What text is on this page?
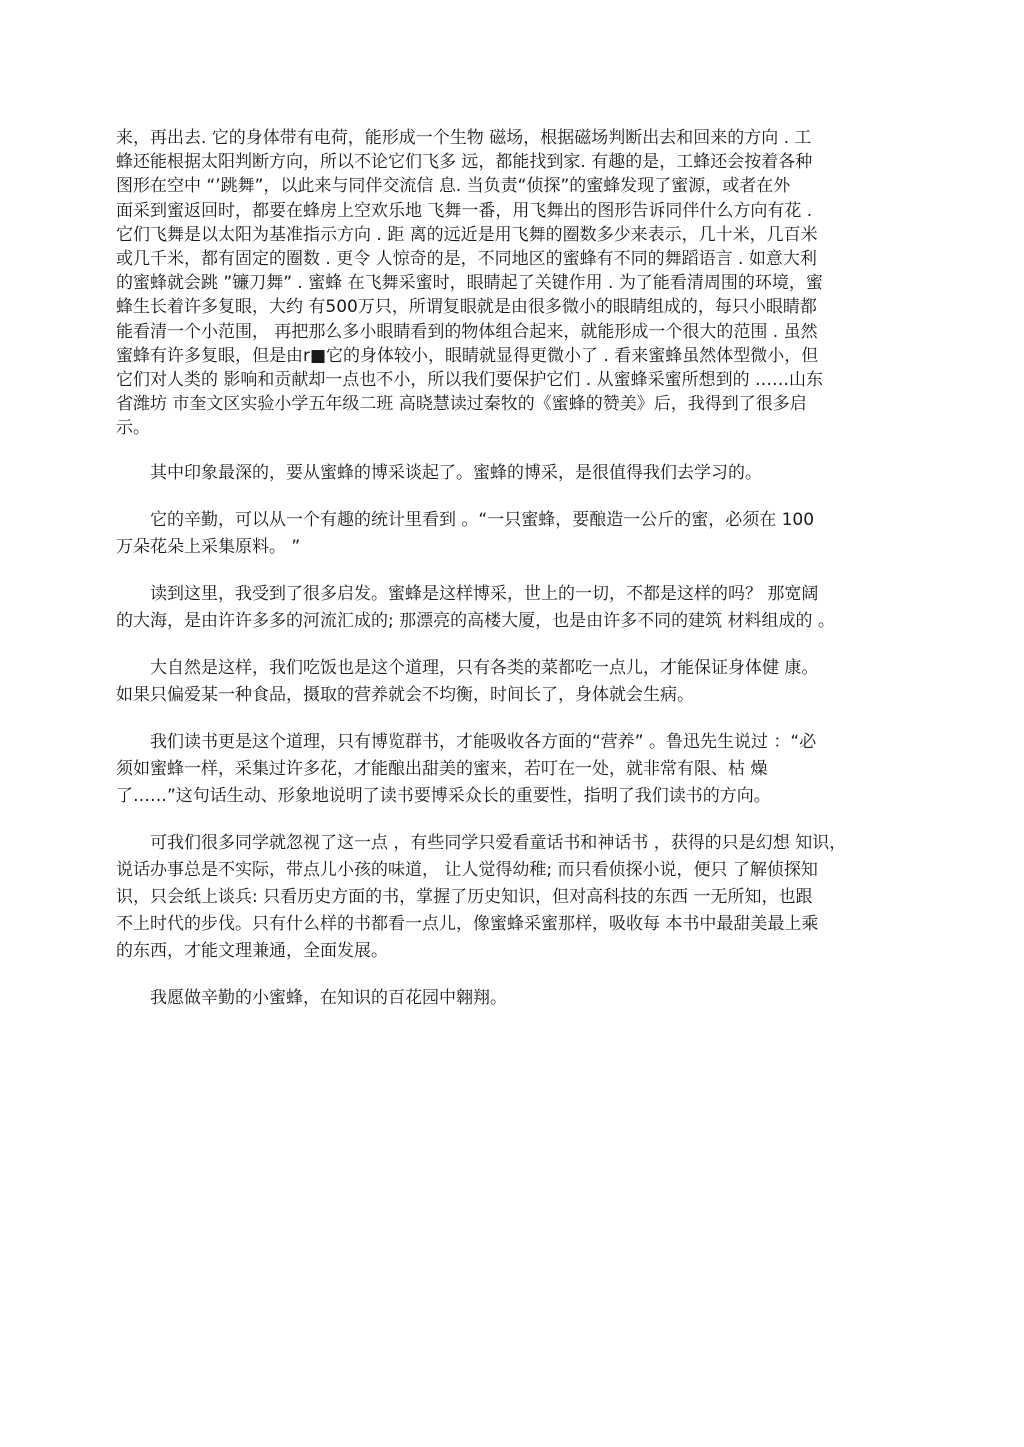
来，再出去. 它的身体带有电荷，能形成一个生物 磁场，根据磁场判断出去和回来的方向 . 工
蜂还能根据太阳判断方向，所以不论它们飞多 远，都能找到家. 有趣的是，工蜂还会按着各种
图形在空中 “’跳舞”，以此来与同伴交流信 息. 当负责“侦探”的蜜蜂发现了蜜源，或者在外
面采到蜜返回时，都要在蜂房上空欢乐地 飞舞一番，用飞舞出的图形告诉同伴什么方向有花 .
它们飞舞是以太阳为基准指示方向 . 距 离的远近是用飞舞的圈数多少来表示，几十米，几百米
或几千米，都有固定的圈数 . 更令 人惊奇的是，不同地区的蜜蜂有不同的舞蹈语言 . 如意大利
的蜜蜂就会跳 ”镰刀舞” . 蜜蜂 在飞舞采蜜时，眼睛起了关键作用 . 为了能看清周围的环境，蜜
蜂生长着许多复眼，大约 有500万只，所谓复眼就是由很多微小的眼睛组成的，每只小眼睛都
能看清一个小范围， 再把那么多小眼睛看到的物体组合起来，就能形成一个很大的范围 . 虽然
蜜蜂有许多复眼，但是由r■它的身体较小，眼睛就显得更微小了 . 看来蜜蜂虽然体型微小，但
它们对人类的 影响和贡献却一点也不小，所以我们要保护它们 . 从蜜蜂采蜜所想到的 ……山东
省潍坊 市奎文区实验小学五年级二班 高晓慧读过秦牧的《蜜蜂的赞美》后，我得到了很多启
示。
其中印象最深的，要从蜜蜂的博采谈起了。蜜蜂的博采，是很值得我们去学习的。
它的辛勤，可以从一个有趣的统计里看到 。“一只蜜蜂，要酿造一公斤的蜜，必须在 100
万朵花朵上采集原料。 ”
读到这里，我受到了很多启发。蜜蜂是这样博采，世上的一切，不都是这样的吗？ 那宽阔
的大海，是由许许多多的河流汇成的; 那漂亮的高楼大厦，也是由许多不同的建筑 材料组成的 。
大自然是这样，我们吃饭也是这个道理，只有各类的菜都吃一点儿，才能保证身体健 康。
如果只偏爱某一种食品，摄取的营养就会不均衡，时间长了，身体就会生病。
我们读书更是这个道理，只有博览群书，才能吸收各方面的“营养” 。鲁迅先生说过 ：“必
须如蜜蜂一样，采集过许多花，才能酿出甜美的蜜来，若叮在一处，就非常有限、枯 燥
了……”这句话生动、形象地说明了读书要博采众长的重要性，指明了我们读书的方向。
可我们很多同学就忽视了这一点 ，有些同学只爱看童话书和神话书 ，获得的只是幻想 知识，
说话办事总是不实际，带点儿小孩的味道， 让人觉得幼稚; 而只看侦探小说，便只 了解侦探知
识，只会纸上谈兵: 只看历史方面的书，掌握了历史知识，但对高科技的东西 一无所知，也跟
不上时代的步伐。只有什么样的书都看一点儿，像蜜蜂采蜜那样，吸收每 本书中最甜美最上乘
的东西，才能文理兼通，全面发展。
我愿做辛勤的小蜜蜂，在知识的百花园中翱翔。
